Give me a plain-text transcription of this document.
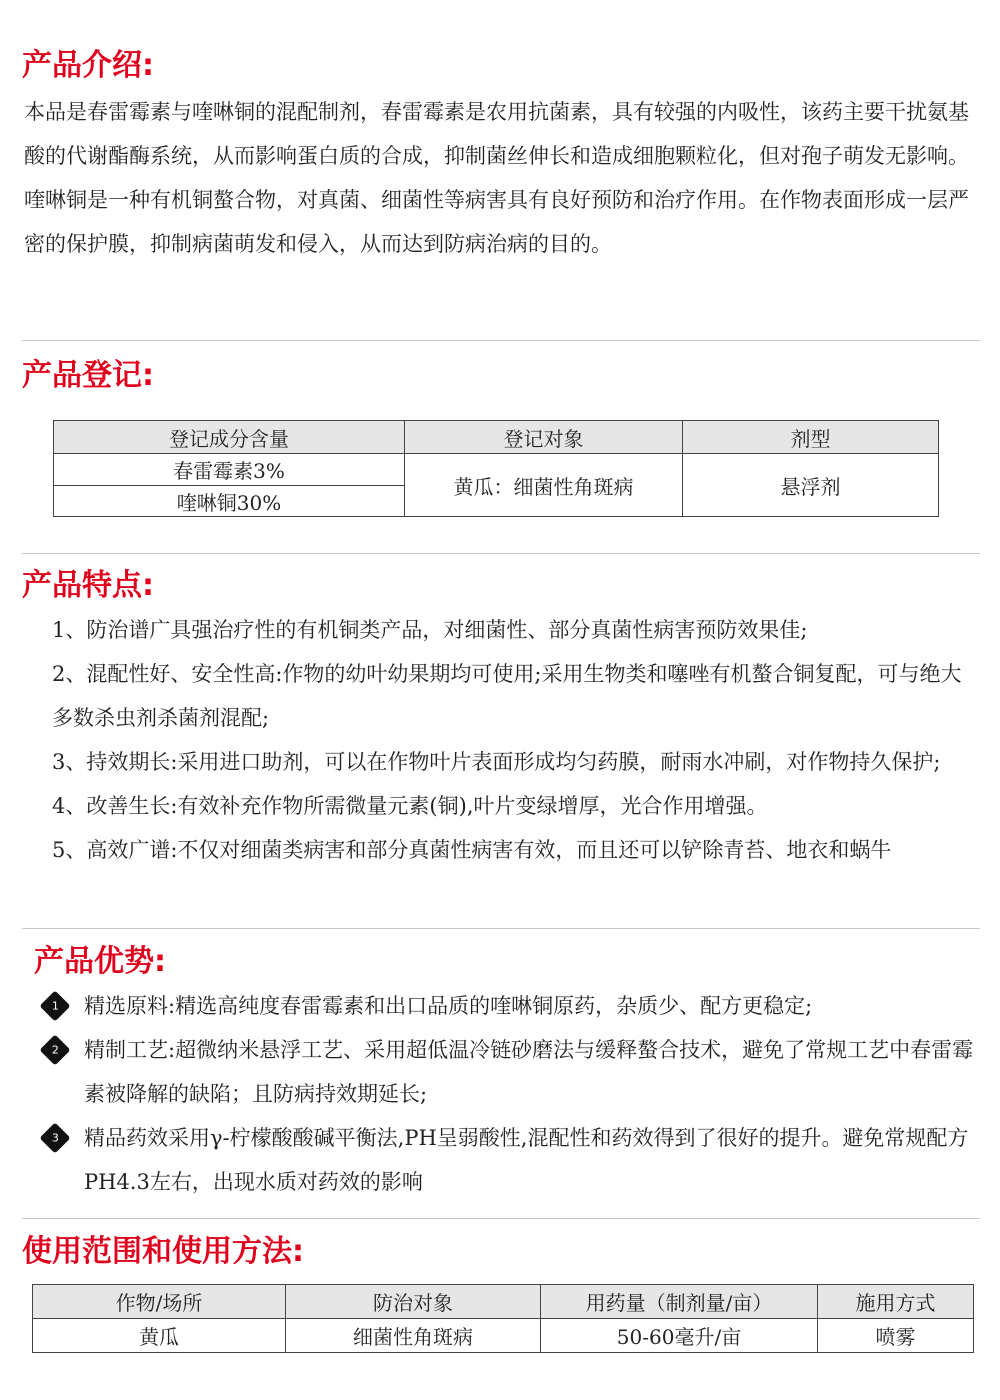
产品介绍:

本品是春雷霉素与喹啉铜的混配制剂，春雷霉素是农用抗菌素，具有较强的内吸性，该药主要干扰氨基酸的代谢酯酶系统，从而影响蛋白质的合成，抑制菌丝伸长和造成细胞颗粒化，但对孢子萌发无影响。喹啉铜是一种有机铜螯合物，对真菌、细菌性等病害具有良好预防和治疗作用。在作物表面形成一层严密的保护膜，抑制病菌萌发和侵入，从而达到防病治病的目的。

产品登记:
登记成分含量	登记对象	剂型
春雷霉素3%	黄瓜：细菌性角斑病	悬浮剂
喹啉铜30%		
产品特点:
1、防治谱广具强治疗性的有机铜类产品，对细菌性、部分真菌性病害预防效果佳;
2、混配性好、安全性高:作物的幼叶幼果期均可使用;采用生物类和噻唑有机螯合铜复配，可与绝大多数杀虫剂杀菌剂混配;
3、持效期长:采用进口助剂，可以在作物叶片表面形成均匀药膜，耐雨水冲刷，对作物持久保护;
4、改善生长:有效补充作物所需微量元素(铜),叶片变绿增厚，光合作用增强。
5、高效广谱:不仅对细菌类病害和部分真菌性病害有效，而且还可以铲除青苔、地衣和蜗牛
产品优势:
1	精选原料:精选高纯度春雷霉素和出口品质的喹啉铜原药，杂质少、配方更稳定;
2	精制工艺:超微纳米悬浮工艺、采用超低温冷链砂磨法与缓释螯合技术，避免了常规工艺中春雷霉素被降解的缺陷；且防病持效期延长;
3	精品药效采用γ-柠檬酸酸碱平衡法,PH呈弱酸性,混配性和药效得到了很好的提升。避免常规配方PH4.3左右，出现水质对药效的影响
使用范围和使用方法:
作物/场所	防治对象	用药量（制剂量/亩）	施用方式
黄瓜	细菌性角斑病	50-60毫升/亩	喷雾
